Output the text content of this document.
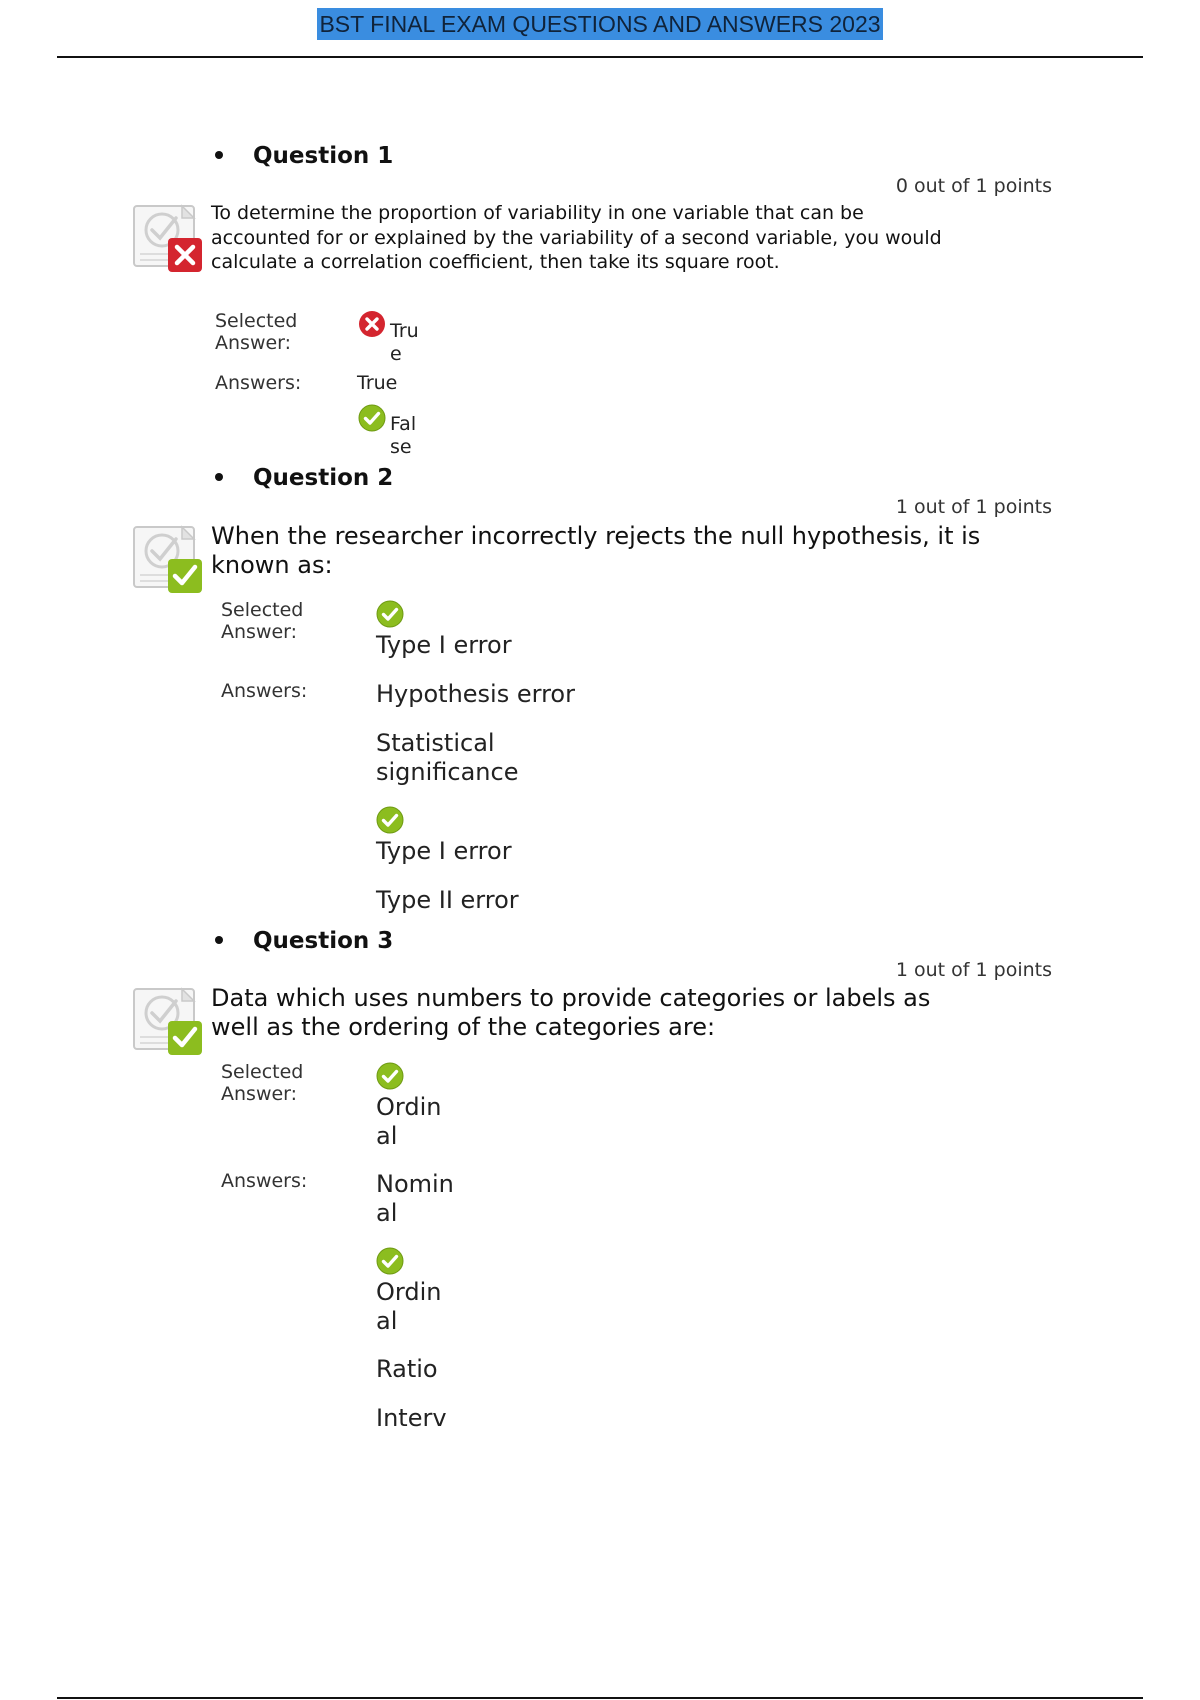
BST FINAL EXAM QUESTIONS AND ANSWERS 2023
Question 1
0 out of 1 points
To determine the proportion of variability in one variable that can be accounted for or explained by the variability of a second variable, you would calculate a correlation coefficient, then take its square root.
Selected Answer:
True
Answers:	True
False
Question 2
1 out of 1 points
When the researcher incorrectly rejects the null hypothesis, it is known as:
Selected Answer:	Type I error
Answers:	Hypothesis error
Statistical significance
Type I error
Type II error
Question 3
1 out of 1 points
Data which uses numbers to provide categories or labels as well as the ordering of the categories are:
Selected Answer:	Ordinal
Answers:	Nominal
Ordinal
Ratio
Interv
